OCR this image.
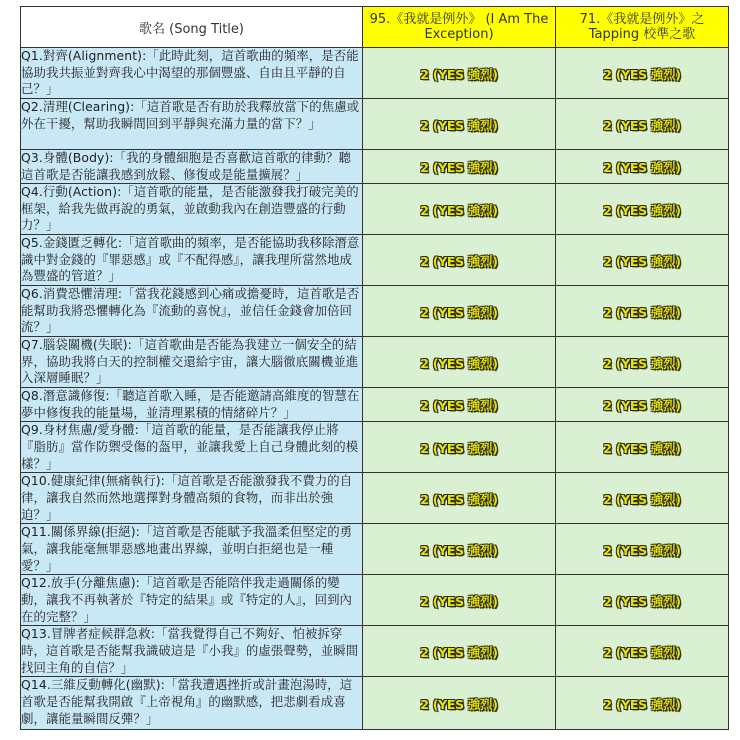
歌名 (Song Title)	95.《我就是例外》 (I Am The Exception)	71.《我就是例外》之 Tapping 校準之歌
Q1.對齊(Alignment):「此時此刻，這首歌曲的頻率，是否能協助我共振並對齊我心中渴望的那個豐盛、自由且平靜的自己？」	2 (YES 強烈)	2 (YES 強烈)
Q2.清理(Clearing):「這首歌是否有助於我釋放當下的焦慮或外在干擾，幫助我瞬間回到平靜與充滿力量的當下？」	2 (YES 強烈)	2 (YES 強烈)
Q3.身體(Body):「我的身體細胞是否喜歡這首歌的律動？聽這首歌是否能讓我感到放鬆、修復或是能量擴展？」	2 (YES 強烈)	2 (YES 強烈)
Q4.行動(Action):「這首歌的能量，是否能激發我打破完美的框架，給我先做再說的勇氣，並啟動我內在創造豐盛的行動力？」	2 (YES 強烈)	2 (YES 強烈)
Q5.金錢匱乏轉化:「這首歌曲的頻率，是否能協助我移除潛意識中對金錢的『罪惡感』或『不配得感』，讓我理所當然地成為豐盛的管道？」	2 (YES 強烈)	2 (YES 強烈)
Q6.消費恐懼清理:「當我花錢感到心痛或擔憂時，這首歌是否能幫助我將恐懼轉化為『流動的喜悅』，並信任金錢會加倍回流？」	2 (YES 強烈)	2 (YES 強烈)
Q7.腦袋關機(失眠):「這首歌曲是否能為我建立一個安全的結界，協助我將白天的控制權交還給宇宙，讓大腦徹底關機並進入深層睡眠？」	2 (YES 強烈)	2 (YES 強烈)
Q8.潛意識修復:「聽這首歌入睡，是否能邀請高維度的智慧在夢中修復我的能量場，並清理累積的情緒碎片？」	2 (YES 強烈)	2 (YES 強烈)
Q9.身材焦慮/愛身體:「這首歌的能量，是否能讓我停止將『脂肪』當作防禦受傷的盔甲，並讓我愛上自己身體此刻的模樣？」	2 (YES 強烈)	2 (YES 強烈)
Q10.健康紀律(無痛執行):「這首歌是否能激發我不費力的自律，讓我自然而然地選擇對身體高頻的食物，而非出於強迫？」	2 (YES 強烈)	2 (YES 強烈)
Q11.關係界線(拒絕):「這首歌是否能賦予我溫柔但堅定的勇氣，讓我能毫無罪惡感地畫出界線，並明白拒絕也是一種愛？」	2 (YES 強烈)	2 (YES 強烈)
Q12.放手(分離焦慮):「這首歌是否能陪伴我走過關係的變動，讓我不再執著於『特定的結果』或『特定的人』，回到內在的完整？」	2 (YES 強烈)	2 (YES 強烈)
Q13.冒牌者症候群急救:「當我覺得自己不夠好、怕被拆穿時，這首歌是否能幫我識破這是『小我』的虛張聲勢，並瞬間找回主角的自信？」	2 (YES 強烈)	2 (YES 強烈)
Q14.三維反動轉化(幽默):「當我遭遇挫折或計畫泡湯時，這首歌是否能幫我開啟『上帝視角』的幽默感，把悲劇看成喜劇，讓能量瞬間反彈？」	2 (YES 強烈)	2 (YES 強烈)
